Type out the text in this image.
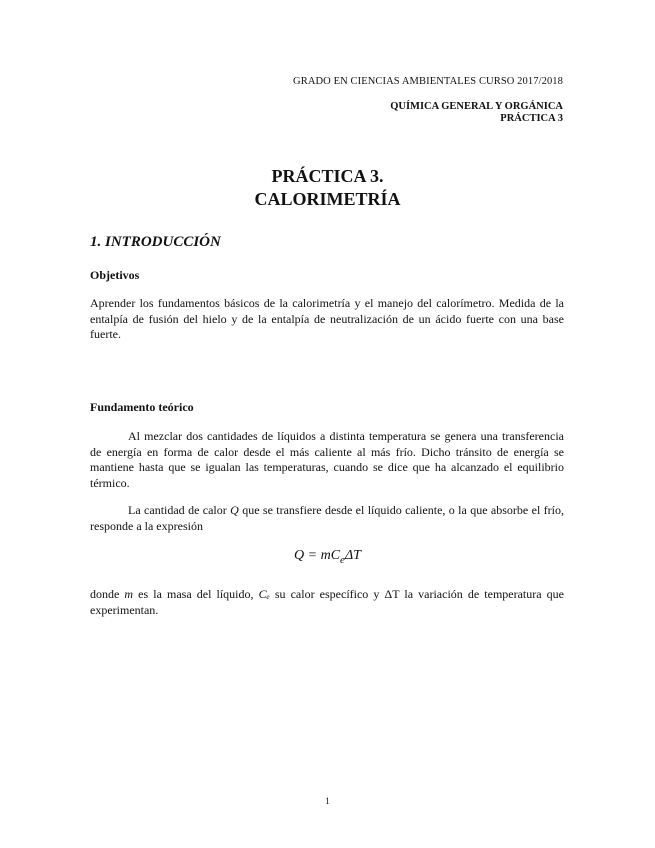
GRADO EN CIENCIAS AMBIENTALES CURSO 2017/2018
QUÍMICA GENERAL Y ORGÁNICA
PRÁCTICA 3
PRÁCTICA 3.
CALORIMETRÍA
1. INTRODUCCIÓN
Objetivos
Aprender los fundamentos básicos de la calorimetría y el manejo del calorímetro. Medida de la entalpía de fusión del hielo y de la entalpía de neutralización de un ácido fuerte con una base fuerte.
Fundamento teórico
Al mezclar dos cantidades de líquidos a distinta temperatura se genera una transferencia de energía en forma de calor desde el más caliente al más frío. Dicho tránsito de energía se mantiene hasta que se igualan las temperaturas, cuando se dice que ha alcanzado el equilibrio térmico.
La cantidad de calor Q que se transfiere desde el líquido caliente, o la que absorbe el frío, responde a la expresión
$Q = mC_e\Delta T$
donde m es la masa del líquido, Cₑ su calor específico y ΔT la variación de temperatura que experimentan.
1
